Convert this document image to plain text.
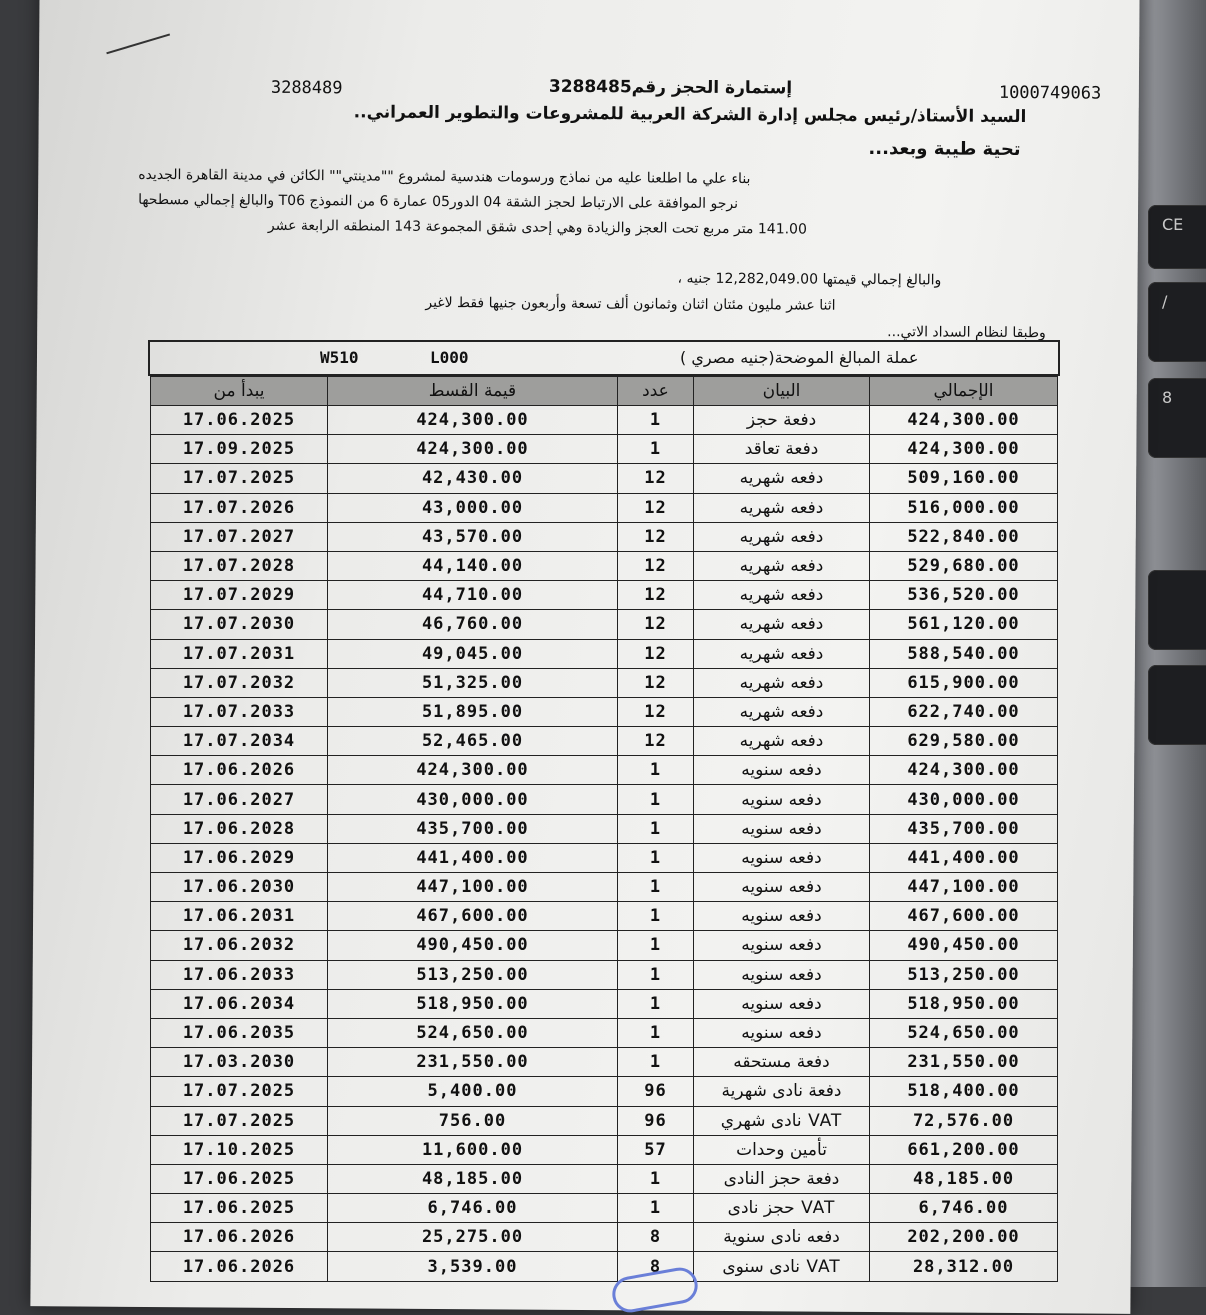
CE
/
8
1000749063
إستمارة الحجز رقم3288485
3288489
السيد الأستاذ/رئيس مجلس إدارة الشركة العربية للمشروعات والتطوير العمراني..
تحية طيبة وبعد...
بناء علي ما اطلعنا عليه من نماذج ورسومات هندسية لمشروع ""مدينتي"" الكائن في مدينة القاهرة الجديده
نرجو الموافقة على الارتباط لحجز الشقة 04 الدور05 عمارة 6 من النموذج T06 والبالغ إجمالي مسطحها
141.00 متر مربع تحت العجز والزيادة وهي إحدى شقق المجموعة 143 المنطقه الرابعة عشر
والبالغ إجمالي قيمتها 12,282,049.00 جنيه ،
اثنا عشر مليون مئتان اثنان وثمانون ألف تسعة وأربعون جنيها فقط لاغير
وطبقا لنظام السداد الاتي...
عملة المبالغ الموضحة(جنيه مصري )
L000
W510
يبدأ من	قيمة القسط	عدد	البيان	الإجمالي
17.06.2025	424,300.00	1	دفعة حجز	424,300.00
17.09.2025	424,300.00	1	دفعة تعاقد	424,300.00
17.07.2025	42,430.00	12	دفعه شهريه	509,160.00
17.07.2026	43,000.00	12	دفعه شهريه	516,000.00
17.07.2027	43,570.00	12	دفعه شهريه	522,840.00
17.07.2028	44,140.00	12	دفعه شهريه	529,680.00
17.07.2029	44,710.00	12	دفعه شهريه	536,520.00
17.07.2030	46,760.00	12	دفعه شهريه	561,120.00
17.07.2031	49,045.00	12	دفعه شهريه	588,540.00
17.07.2032	51,325.00	12	دفعه شهريه	615,900.00
17.07.2033	51,895.00	12	دفعه شهريه	622,740.00
17.07.2034	52,465.00	12	دفعه شهريه	629,580.00
17.06.2026	424,300.00	1	دفعه سنويه	424,300.00
17.06.2027	430,000.00	1	دفعه سنويه	430,000.00
17.06.2028	435,700.00	1	دفعه سنويه	435,700.00
17.06.2029	441,400.00	1	دفعه سنويه	441,400.00
17.06.2030	447,100.00	1	دفعه سنويه	447,100.00
17.06.2031	467,600.00	1	دفعه سنويه	467,600.00
17.06.2032	490,450.00	1	دفعه سنويه	490,450.00
17.06.2033	513,250.00	1	دفعه سنويه	513,250.00
17.06.2034	518,950.00	1	دفعه سنويه	518,950.00
17.06.2035	524,650.00	1	دفعه سنويه	524,650.00
17.03.2030	231,550.00	1	دفعة مستحقه	231,550.00
17.07.2025	5,400.00	96	دفعة نادى شهرية	518,400.00
17.07.2025	756.00	96	VAT نادى شهري	72,576.00
17.10.2025	11,600.00	57	تأمين وحدات	661,200.00
17.06.2025	48,185.00	1	دفعة حجز النادى	48,185.00
17.06.2025	6,746.00	1	VAT حجز نادى	6,746.00
17.06.2026	25,275.00	8	دفعه نادى سنوية	202,200.00
17.06.2026	3,539.00	8	VAT نادى سنوى	28,312.00
